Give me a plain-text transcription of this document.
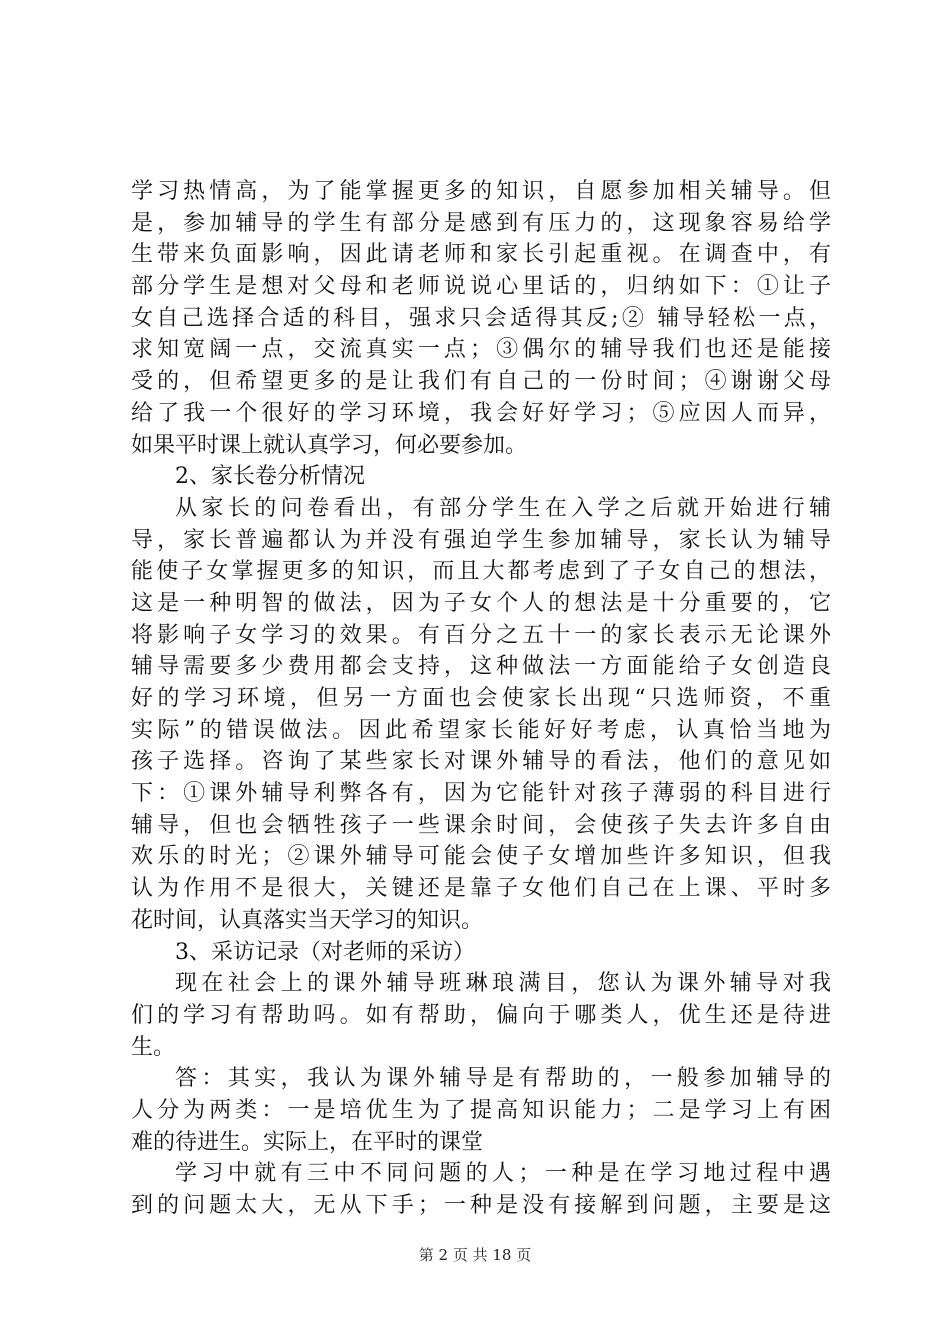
学习热情高，为了能掌握更多的知识，自愿参加相关辅导。但
是，参加辅导的学生有部分是感到有压力的，这现象容易给学
生带来负面影响，因此请老师和家长引起重视。在调查中，有
部分学生是想对父母和老师说说心里话的，归纳如下：①让子
女自己选择合适的科目，强求只会适得其反;② 辅导轻松一点，
求知宽阔一点，交流真实一点；③偶尔的辅导我们也还是能接
受的，但希望更多的是让我们有自己的一份时间；④谢谢父母
给了我一个很好的学习环境，我会好好学习；⑤应因人而异，
如果平时课上就认真学习，何必要参加。
2、家长卷分析情况
从家长的问卷看出，有部分学生在入学之后就开始进行辅
导，家长普遍都认为并没有强迫学生参加辅导，家长认为辅导
能使子女掌握更多的知识，而且大都考虑到了子女自己的想法，
这是一种明智的做法，因为子女个人的想法是十分重要的，它
将影响子女学习的效果。有百分之五十一的家长表示无论课外
辅导需要多少费用都会支持，这种做法一方面能给子女创造良
好的学习环境，但另一方面也会使家长出现“只选师资，不重
实际”的错误做法。因此希望家长能好好考虑，认真恰当地为
孩子选择。咨询了某些家长对课外辅导的看法，他们的意见如
下：①课外辅导利弊各有，因为它能针对孩子薄弱的科目进行
辅导，但也会牺牲孩子一些课余时间，会使孩子失去许多自由
欢乐的时光；②课外辅导可能会使子女增加些许多知识，但我
认为作用不是很大，关键还是靠子女他们自己在上课、平时多
花时间，认真落实当天学习的知识。
3、采访记录（对老师的采访）
现在社会上的课外辅导班琳琅满目，您认为课外辅导对我
们的学习有帮助吗。如有帮助，偏向于哪类人，优生还是待进
生。
答：其实，我认为课外辅导是有帮助的，一般参加辅导的
人分为两类：一是培优生为了提高知识能力；二是学习上有困
难的待进生。实际上，在平时的课堂
学习中就有三中不同问题的人；一种是在学习地过程中遇
到的问题太大，无从下手；一种是没有接解到问题，主要是这
第 2 页 共 18 页
